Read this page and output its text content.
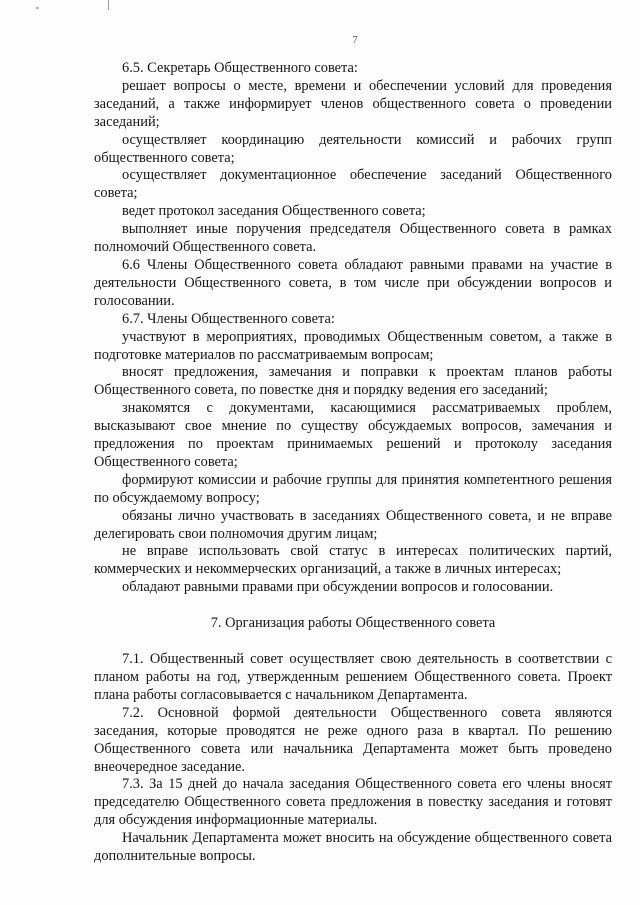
7

6.5. Секретарь Общественного совета:

решает вопросы о месте, времени и обеспечении условий для проведения заседаний, а также информирует членов общественного совета о проведении заседаний;

осуществляет координацию деятельности комиссий и рабочих групп общественного совета;

осуществляет документационное обеспечение заседаний Общественного совета;

ведет протокол заседания Общественного совета;

выполняет иные поручения председателя Общественного совета в рамках полномочий Общественного совета.

6.6 Члены Общественного совета обладают равными правами на участие в деятельности Общественного совета, в том числе при обсуждении вопросов и голосовании.

6.7. Члены Общественного совета:

участвуют в мероприятиях, проводимых Общественным советом, а также в подготовке материалов по рассматриваемым вопросам;

вносят предложения, замечания и поправки к проектам планов работы Общественного совета, по повестке дня и порядку ведения его заседаний;

знакомятся с документами, касающимися рассматриваемых проблем, высказывают свое мнение по существу обсуждаемых вопросов, замечания и предложения по проектам принимаемых решений и протоколу заседания Общественного совета;

формируют комиссии и рабочие группы для принятия компетентного решения по обсуждаемому вопросу;

обязаны лично участвовать в заседаниях Общественного совета, и не вправе делегировать свои полномочия другим лицам;

не вправе использовать свой статус в интересах политических партий, коммерческих и некоммерческих организаций, а также в личных интересах;

обладают равными правами при обсуждении вопросов и голосовании.

7. Организация работы Общественного совета

7.1. Общественный совет осуществляет свою деятельность в соответствии с планом работы на год, утвержденным решением Общественного совета. Проект плана работы согласовывается с начальником Департамента.

7.2. Основной формой деятельности Общественного совета являются заседания, которые проводятся не реже одного раза в квартал. По решению Общественного совета или начальника Департамента может быть проведено внеочередное заседание.

7.3. За 15 дней до начала заседания Общественного совета его члены вносят председателю Общественного совета предложения в повестку заседания и готовят для обсуждения информационные материалы.

Начальник Департамента может вносить на обсуждение общественного совета дополнительные вопросы.
